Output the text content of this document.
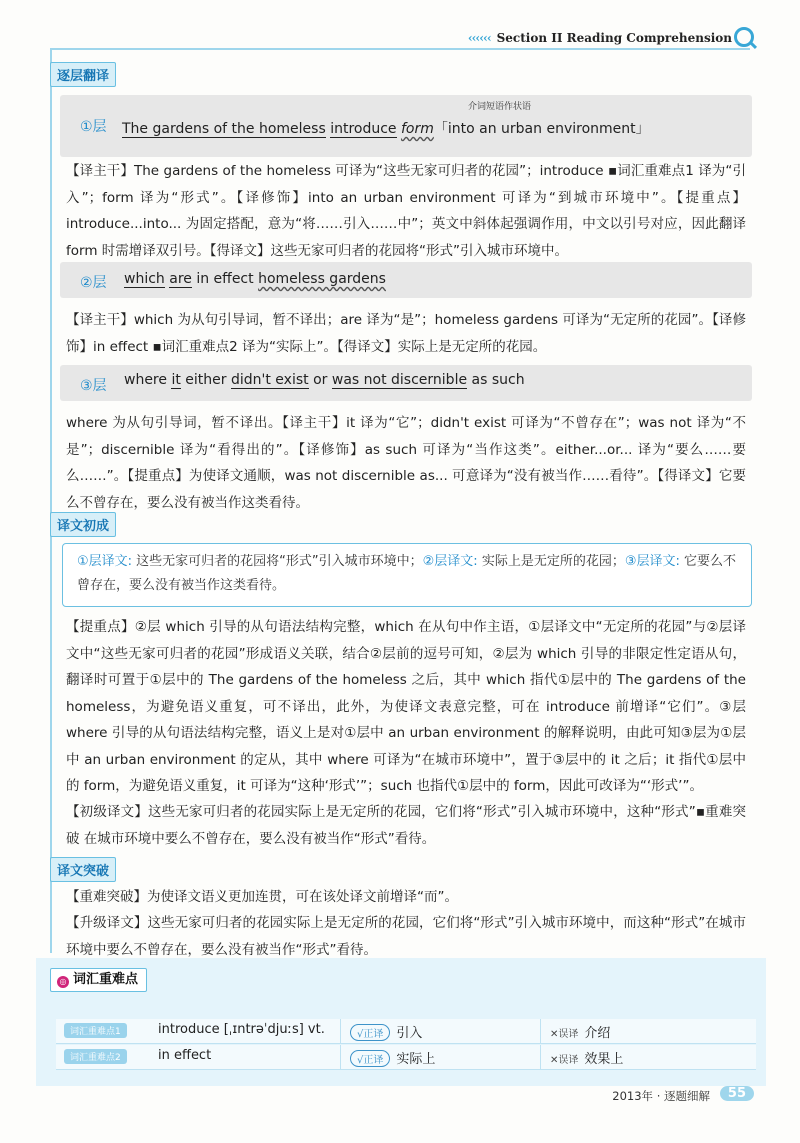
‹‹‹‹‹‹ Section II Reading Comprehension
逐层翻译
①层
介词短语作状语
The gardens of the homeless introduce form「into an urban environment」
【译主干】The gardens of the homeless 可译为“这些无家可归者的花园”；introduce ▪词汇重难点1 译为“引入”；form 译为“形式”。【译修饰】into an urban environment 可译为“到城市环境中”。【提重点】introduce...into... 为固定搭配，意为“将……引入……中”；英文中斜体起强调作用，中文以引号对应，因此翻译 form 时需增译双引号。【得译文】这些无家可归者的花园将“形式”引入城市环境中。
②层 which are in effect homeless gardens
【译主干】which 为从句引导词，暂不译出；are 译为“是”；homeless gardens 可译为“无定所的花园”。【译修饰】in effect ▪词汇重难点2 译为“实际上”。【得译文】实际上是无定所的花园。
③层 where it either didn't exist or was not discernible as such
where 为从句引导词，暂不译出。【译主干】it 译为“它”；didn't exist 可译为“不曾存在”；was not 译为“不是”；discernible 译为“看得出的”。【译修饰】as such 可译为“当作这类”。either...or... 译为“要么……要么……”。【提重点】为使译文通顺，was not discernible as... 可意译为“没有被当作……看待”。【得译文】它要么不曾存在，要么没有被当作这类看待。
译文初成
①层译文: 这些无家可归者的花园将“形式”引入城市环境中；②层译文: 实际上是无定所的花园；③层译文: 它要么不曾存在，要么没有被当作这类看待。
【提重点】②层 which 引导的从句语法结构完整，which 在从句中作主语，①层译文中“无定所的花园”与②层译文中“这些无家可归者的花园”形成语义关联，结合②层前的逗号可知，②层为 which 引导的非限定性定语从句，翻译时可置于①层中的 The gardens of the homeless 之后，其中 which 指代①层中的 The gardens of the homeless，为避免语义重复，可不译出，此外，为使译文表意完整，可在 introduce 前增译“它们”。③层 where 引导的从句语法结构完整，语义上是对①层中 an urban environment 的解释说明，由此可知③层为①层中 an urban environment 的定从，其中 where 可译为“在城市环境中”，置于③层中的 it 之后；it 指代①层中的 form，为避免语义重复，it 可译为“这种‘形式’”；such 也指代①层中的 form，因此可改译为“‘形式’”。
【初级译文】这些无家可归者的花园实际上是无定所的花园，它们将“形式”引入城市环境中，这种“形式”▪重难突破 在城市环境中要么不曾存在，要么没有被当作“形式”看待。
译文突破
【重难突破】为使译文语义更加连贯，可在该处译文前增译“而”。
【升级译文】这些无家可归者的花园实际上是无定所的花园，它们将“形式”引入城市环境中，而这种“形式”在城市环境中要么不曾存在，要么没有被当作“形式”看待。
◎ 词汇重难点
词汇重难点1	introduce [ˌɪntrəˈdjuːs] vt.	√正译 引入	✕误译 介绍
词汇重难点2	in effect	√正译 实际上	✕误译 效果上
2013年 · 逐题细解	55
